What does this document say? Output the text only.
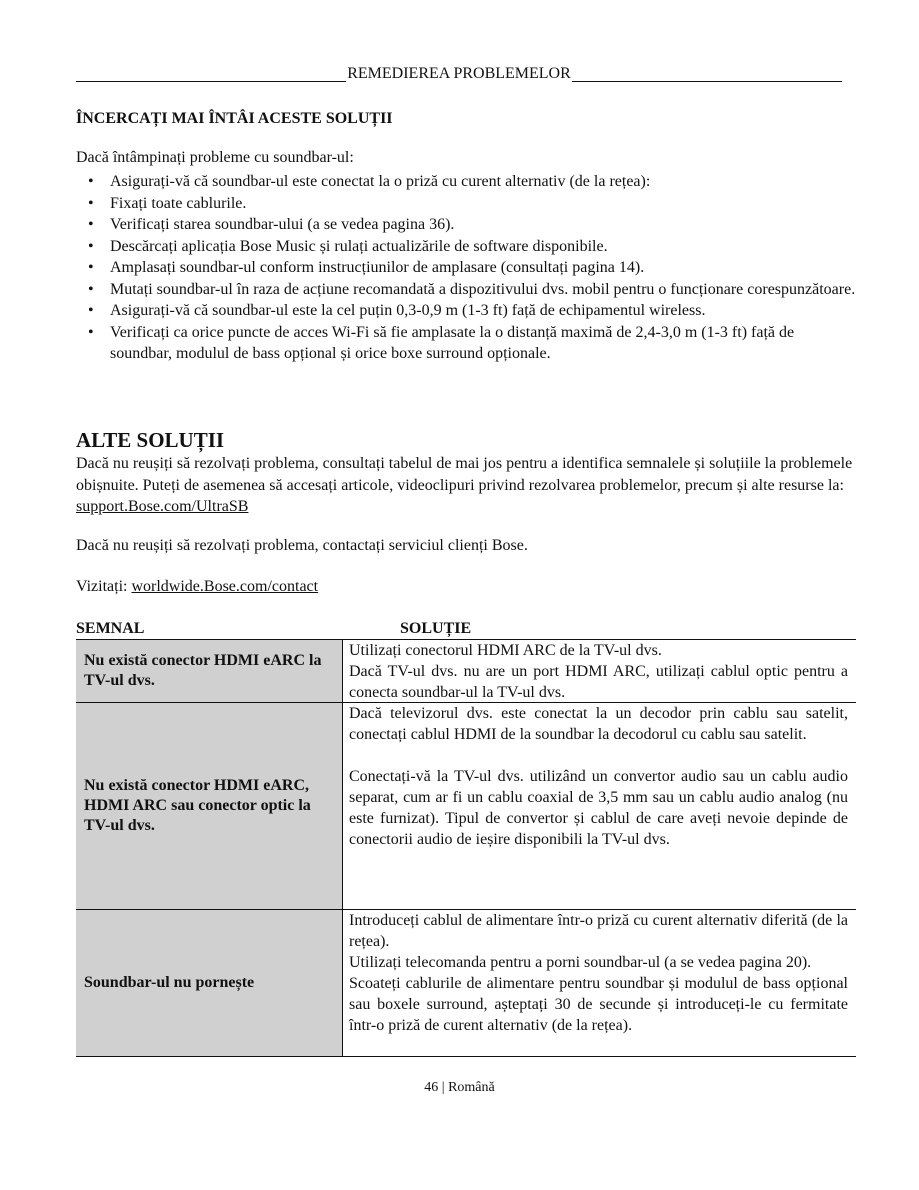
REMEDIEREA PROBLEMELOR
ÎNCERCAȚI MAI ÎNTÂI ACESTE SOLUȚII
Dacă întâmpinați probleme cu soundbar-ul:
• Asigurați-vă că soundbar-ul este conectat la o priză cu curent alternativ (de la rețea):
• Fixați toate cablurile.
• Verificați starea soundbar-ului (a se vedea pagina 36).
• Descărcați aplicația Bose Music și rulați actualizările de software disponibile.
• Amplasați soundbar-ul conform instrucțiunilor de amplasare (consultați pagina 14).
• Mutați soundbar-ul în raza de acțiune recomandată a dispozitivului dvs. mobil pentru o funcționare corespunzătoare.
• Asigurați-vă că soundbar-ul este la cel puțin 0,3-0,9 m (1-3 ft) față de echipamentul wireless.
• Verificați ca orice puncte de acces Wi-Fi să fie amplasate la o distanță maximă de 2,4-3,0 m (1-3 ft) față de soundbar, modulul de bass opțional și orice boxe surround opționale.
ALTE SOLUȚII
Dacă nu reușiți să rezolvați problema, consultați tabelul de mai jos pentru a identifica semnalele și soluțiile la problemele obișnuite. Puteți de asemenea să accesați articole, videoclipuri privind rezolvarea problemelor, precum și alte resurse la: support.Bose.com/UltraSB
Dacă nu reușiți să rezolvați problema, contactați serviciul clienți Bose.
Vizitați: worldwide.Bose.com/contact
SEMNAL	SOLUȚIE
Nu există conector HDMI eARC la TV-ul dvs.

Utilizați conectorul HDMI ARC de la TV-ul dvs.

Dacă TV-ul dvs. nu are un port HDMI ARC, utilizați cablul optic pentru a conecta soundbar-ul la TV-ul dvs.

Nu există conector HDMI eARC, HDMI ARC sau conector optic la TV-ul dvs.

Dacă televizorul dvs. este conectat la un decodor prin cablu sau satelit, conectați cablul HDMI de la soundbar la decodorul cu cablu sau satelit.

Conectați-vă la TV-ul dvs. utilizând un convertor audio sau un cablu audio separat, cum ar fi un cablu coaxial de 3,5 mm sau un cablu audio analog (nu este furnizat). Tipul de convertor și cablul de care aveți nevoie depinde de conectorii audio de ieșire disponibili la TV-ul dvs.

Soundbar-ul nu pornește

Introduceți cablul de alimentare într-o priză cu curent alternativ diferită (de la rețea).

Utilizați telecomanda pentru a porni soundbar-ul (a se vedea pagina 20).

Scoateți cablurile de alimentare pentru soundbar și modulul de bass opțional sau boxele surround, așteptați 30 de secunde și introduceți-le cu fermitate într-o priză de curent alternativ (de la rețea).

46 | Română
